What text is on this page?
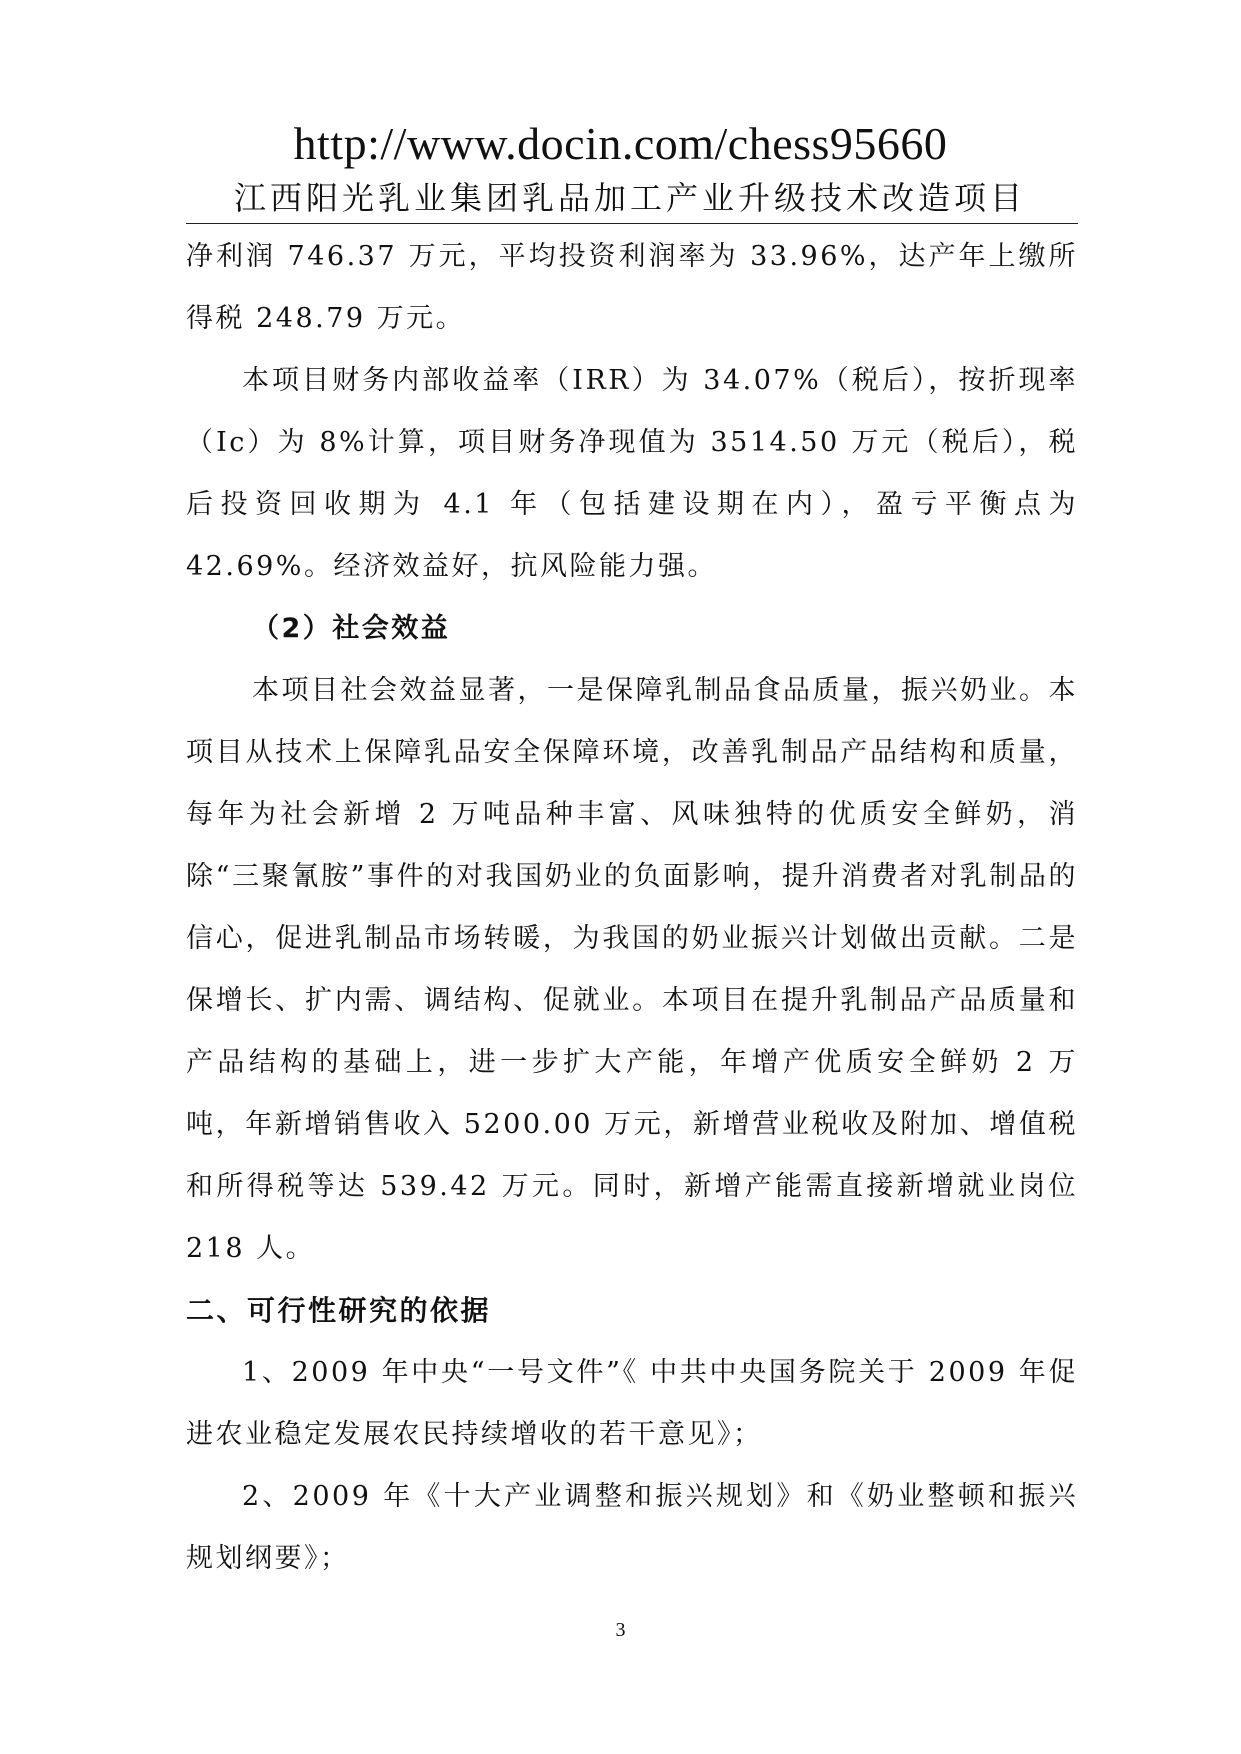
http://www.docin.com/chess95660
江西阳光乳业集团乳品加工产业升级技术改造项目

净利润 746.37 万元，平均投资利润率为 33.96%，达产年上缴所得税 248.79 万元。

本项目财务内部收益率（IRR）为 34.07%（税后），按折现率（Ic）为 8%计算，项目财务净现值为 3514.50 万元（税后），税后投资回收期为 4.1 年（包括建设期在内），盈亏平衡点为 42.69%。经济效益好，抗风险能力强。

（2）社会效益

本项目社会效益显著，一是保障乳制品食品质量，振兴奶业。本项目从技术上保障乳品安全保障环境，改善乳制品产品结构和质量，每年为社会新增 2 万吨品种丰富、风味独特的优质安全鲜奶，消除“三聚氰胺”事件的对我国奶业的负面影响，提升消费者对乳制品的信心，促进乳制品市场转暖，为我国的奶业振兴计划做出贡献。二是保增长、扩内需、调结构、促就业。本项目在提升乳制品产品质量和产品结构的基础上，进一步扩大产能，年增产优质安全鲜奶 2 万吨，年新增销售收入 5200.00 万元，新增营业税收及附加、增值税和所得税等达 539.42 万元。同时，新增产能需直接新增就业岗位 218 人。

二、可行性研究的依据

1、2009 年中央“一号文件”《 中共中央国务院关于 2009 年促进农业稳定发展农民持续增收的若干意见》；

2、2009 年《十大产业调整和振兴规划》和《奶业整顿和振兴规划纲要》；

3
